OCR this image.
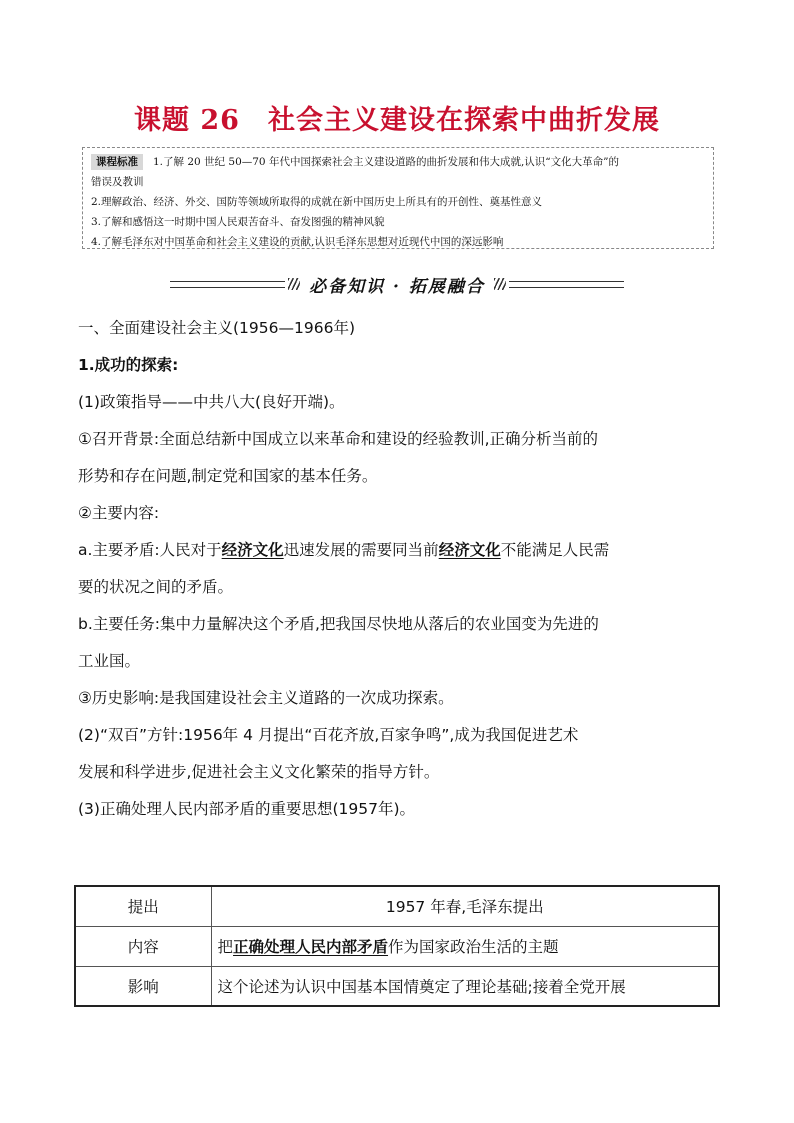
课题 26　社会主义建设在探索中曲折发展
课程标准 1.了解 20 世纪 50—70 年代中国探索社会主义建设道路的曲折发展和伟大成就,认识“文化大革命”的
错误及教训
2.理解政治、经济、外交、国防等领域所取得的成就在新中国历史上所具有的开创性、奠基性意义
3.了解和感悟这一时期中国人民艰苦奋斗、奋发图强的精神风貌
4.了解毛泽东对中国革命和社会主义建设的贡献,认识毛泽东思想对近现代中国的深远影响
必备知识 · 拓展融合

一、全面建设社会主义(1956—1966年)

1.成功的探索:

(1)政策指导——中共八大(良好开端)。

①召开背景:全面总结新中国成立以来革命和建设的经验教训,正确分析当前的

形势和存在问题,制定党和国家的基本任务。

②主要内容:

a.主要矛盾:人民对于经济文化迅速发展的需要同当前经济文化不能满足人民需

要的状况之间的矛盾。

b.主要任务:集中力量解决这个矛盾,把我国尽快地从落后的农业国变为先进的

工业国。

③历史影响:是我国建设社会主义道路的一次成功探索。

(2)“双百”方针:1956年 4 月提出“百花齐放,百家争鸣”,成为我国促进艺术

发展和科学进步,促进社会主义文化繁荣的指导方针。

(3)正确处理人民内部矛盾的重要思想(1957年)。

提出	1957 年春,毛泽东提出
内容	把正确处理人民内部矛盾作为国家政治生活的主题
影响	这个论述为认识中国基本国情奠定了理论基础;接着全党开展
